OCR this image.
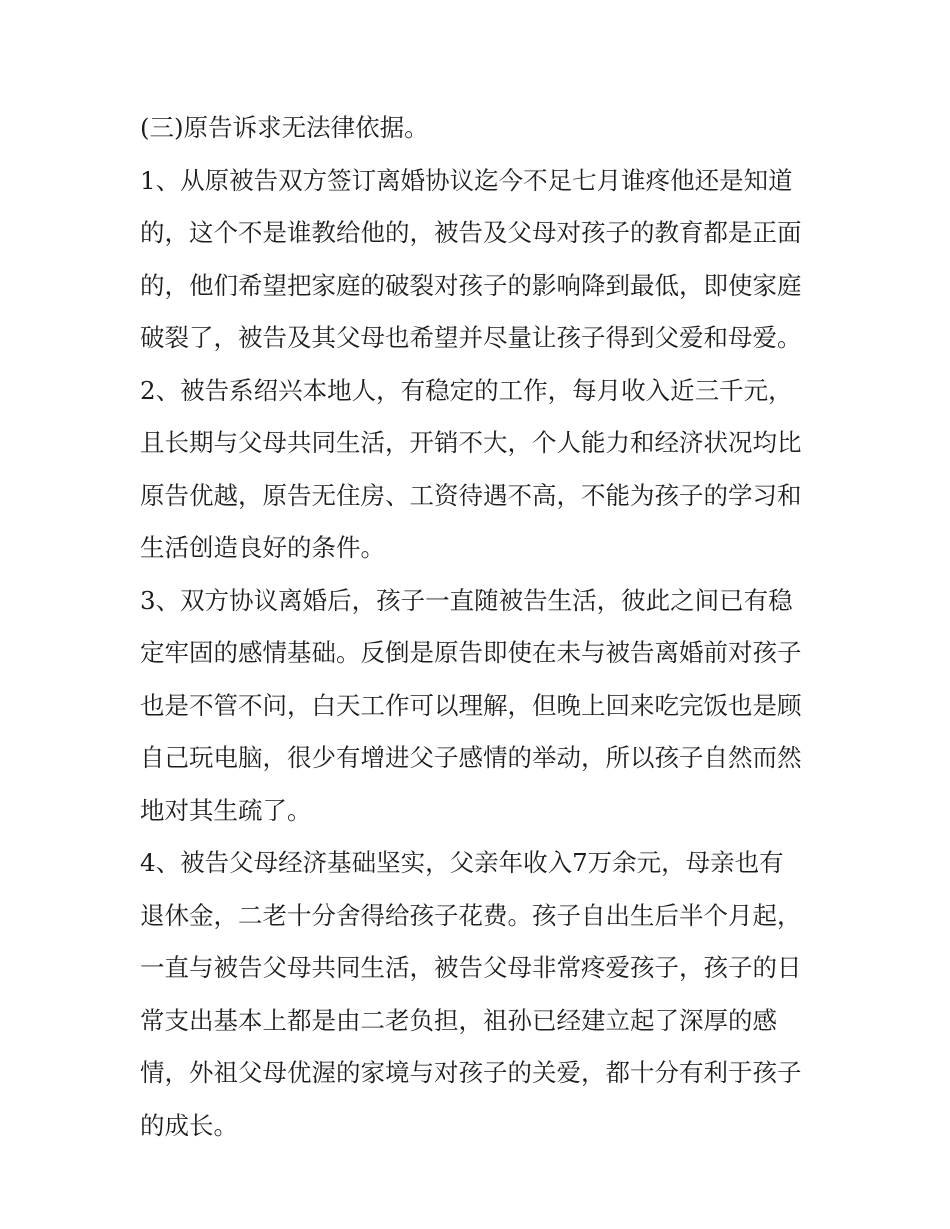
(三)原告诉求无法律依据。
1、从原被告双方签订离婚协议迄今不足七月谁疼他还是知道
的，这个不是谁教给他的，被告及父母对孩子的教育都是正面
的，他们希望把家庭的破裂对孩子的影响降到最低，即使家庭
破裂了，被告及其父母也希望并尽量让孩子得到父爱和母爱。
2、被告系绍兴本地人，有稳定的工作，每月收入近三千元，
且长期与父母共同生活，开销不大，个人能力和经济状况均比
原告优越，原告无住房、工资待遇不高，不能为孩子的学习和
生活创造良好的条件。
3、双方协议离婚后，孩子一直随被告生活，彼此之间已有稳
定牢固的感情基础。反倒是原告即使在未与被告离婚前对孩子
也是不管不问，白天工作可以理解，但晚上回来吃完饭也是顾
自己玩电脑，很少有增进父子感情的举动，所以孩子自然而然
地对其生疏了。
4、被告父母经济基础坚实，父亲年收入7万余元，母亲也有
退休金，二老十分舍得给孩子花费。孩子自出生后半个月起，
一直与被告父母共同生活，被告父母非常疼爱孩子，孩子的日
常支出基本上都是由二老负担，祖孙已经建立起了深厚的感
情，外祖父母优渥的家境与对孩子的关爱，都十分有利于孩子
的成长。
